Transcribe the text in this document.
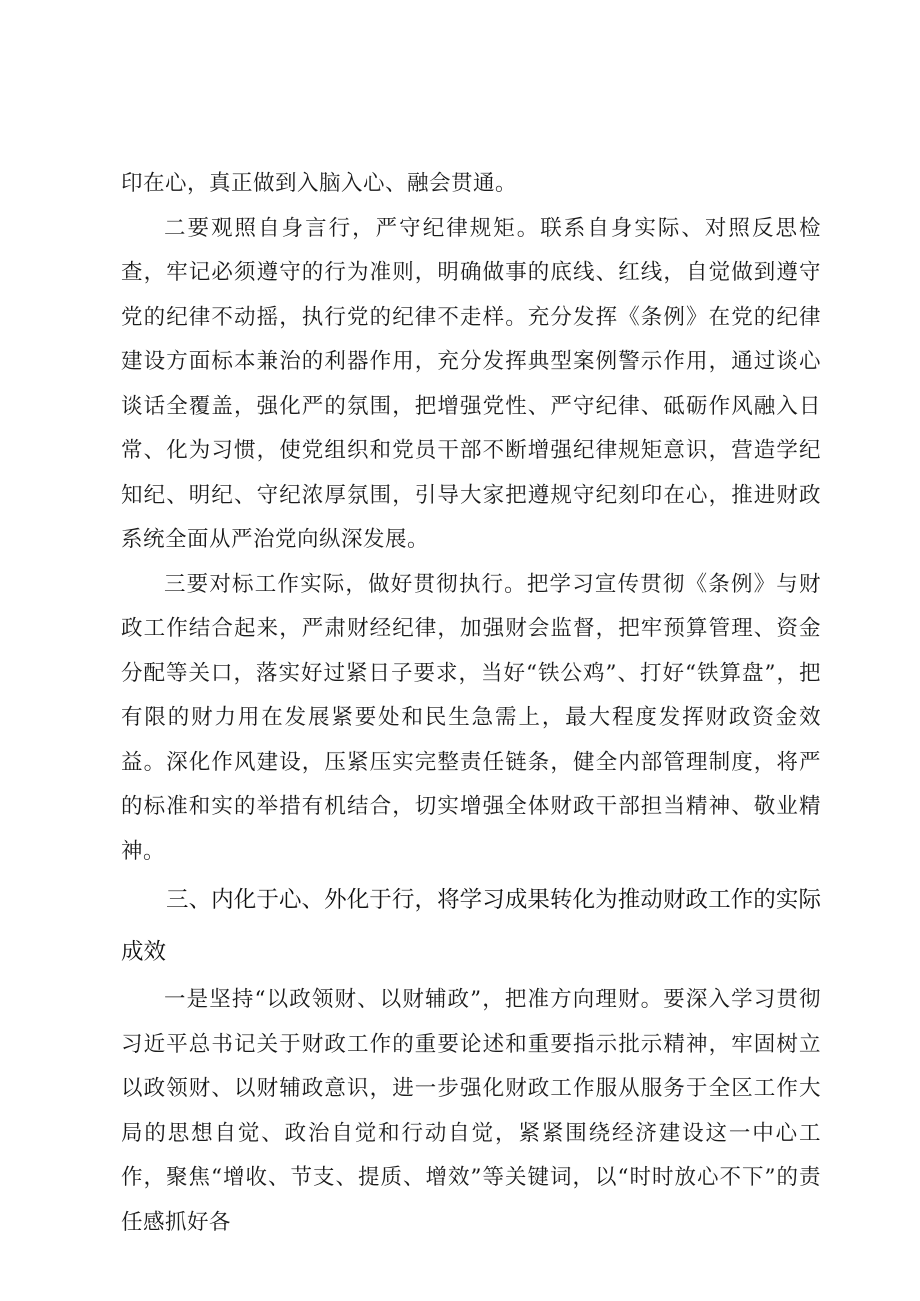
印在心，真正做到入脑入心、融会贯通。

二要观照自身言行，严守纪律规矩。联系自身实际、对照反思检查，牢记必须遵守的行为准则，明确做事的底线、红线，自觉做到遵守党的纪律不动摇，执行党的纪律不走样。充分发挥《条例》在党的纪律建设方面标本兼治的利器作用，充分发挥典型案例警示作用，通过谈心谈话全覆盖，强化严的氛围，把增强党性、严守纪律、砥砺作风融入日常、化为习惯，使党组织和党员干部不断增强纪律规矩意识，营造学纪知纪、明纪、守纪浓厚氛围，引导大家把遵规守纪刻印在心，推进财政系统全面从严治党向纵深发展。

三要对标工作实际，做好贯彻执行。把学习宣传贯彻《条例》与财政工作结合起来，严肃财经纪律，加强财会监督，把牢预算管理、资金分配等关口，落实好过紧日子要求，当好“铁公鸡”、打好“铁算盘”，把有限的财力用在发展紧要处和民生急需上，最大程度发挥财政资金效益。深化作风建设，压紧压实完整责任链条，健全内部管理制度，将严的标准和实的举措有机结合，切实增强全体财政干部担当精神、敬业精神。

三、内化于心、外化于行，将学习成果转化为推动财政工作的实际成效

一是坚持“以政领财、以财辅政”，把准方向理财。要深入学习贯彻习近平总书记关于财政工作的重要论述和重要指示批示精神，牢固树立以政领财、以财辅政意识，进一步强化财政工作服从服务于全区工作大局的思想自觉、政治自觉和行动自觉，紧紧围绕经济建设这一中心工作，聚焦“增收、节支、提质、增效”等关键词，以“时时放心不下”的责任感抓好各
